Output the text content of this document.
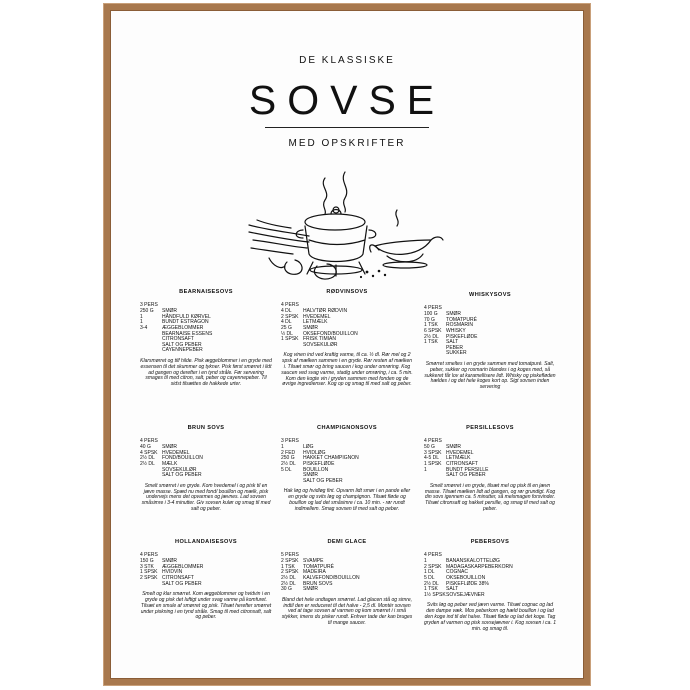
DE KLASSISKE
SOVSE
MED OPSKRIFTER
BEARNAISESOVS
3 PERS
250 G	SMØR
1	HÅNDFULD KØRVEL
1	BUNDT ESTRAGON
3-4	ÆGGEBLOMMER
BEARNAISE ESSENS
CITRONSAFT
SALT OG PEBER
CAYENNEPEBER
Klarsmørret og tilf hilde. Pisk æggeblommer i en gryde med essensen til det skummer og tykner. Pisk først smørret i lidt ad gangen og derefter i en tynd stråle. Før servering smages til med citron, salt, peber og cayennepeber. Til sidst tilsættes de hakkede urter.
RØDVINSOVS
4 PERS
4 DL	HALVTØR RØDVIN
2 SPSK HVEDEMEL
4 DL	LETMÆLK
25 G	SMØR
½ DL	OKSEFOND/BOUILLON
1 SPSK FRISK TIMIAN
SOVSEKULØR
Kog vinen ind ved kraftig varme, til ca. ½ dl. Rør mel og 2 spsk af mælken sammen i en gryde. Rør resten af mælken i. Tilsæt smør og bring saucen i kog under omrøring. Kog saucen ved svag varme, stadig under omrøring, i ca. 5 min. Kom den kogte vin i gryden sammen med fonden og de øvrige ingredienser. Kog op og smag til med salt og peber.
WHISKYSOVS
4 PERS
100 G	SMØR
70 G	TOMATPURÉ
1 TSK	ROSMARIN
6 SPSK WHISKY
2½ DL	PISKEFLØDE
1 TSK	SALT
PEBER
SUKKER
Smørret smeltes i en gryde sammen med tomatpuré. Salt, peber, sukker og rosmarin blandes i og koges med, så sukkeret får lov at karamellisere lidt. Whisky og piskefløden hældes i og det hele koges kort op. Sigt sovsen inden servering
BRUN SOVS
4 PERS
40 G	SMØR
4 SPSK HVEDEMEL
2½ DL	FOND/BOUILLON
2½ DL	MÆLK
SOVSEKULØR
SALT OG PEBER
Smelt smørret i en gryde. Kom hvedemel i og pisk til en jævn masse. Spæd nu med fond/ bouillon og mælk, pisk undervejs mens det opvarmes og jævnes. Lad sovsen småsimre i 3-4 minutter. Giv sovsen kulør og smag til med salt og peber.
CHAMPIGNONSOVS
3 PERS
1	LØG
2 FED	HVIDLØG
250 G	HAKKET CHAMPIGNON
2½ DL	PISKEFLØDE
5 DL	BOUILLON
SMØR
SALT OG PEBER
Hak løg og hvidløg fint. Opvarm lidt smør i en pande eller en gryde og svits løg og champignon. Tilsæt fløde og bouillon og lad det småsimre i ca. 10 min. - rør rundt indimellem. Smag sovsen til med salt og peber.
PERSILLESOVS
4 PERS
50 G	SMØR
3 SPSK HVEDEMEL
4-5 DL	LETMÆLK
1 SPSK CITRONSAFT
1	BUNDT PERSILLE
SALT OG PEBER
Smelt smørret i en gryde, tilsæt mel og pisk til en jævn masse. Tilsæt mælken lidt ad gangen, og rør grundigt. Kog din sovs igennem ca. 5 minutter, så melsmagen forsvinder. Tilsæt citronsaft og hakket persille, og smag til med salt og peber.
HOLLANDAISESOVS
4 PERS
150 G	SMØR
3 STK	ÆGGEBLOMMER
1 SPSK HVIDVIN
2 SPSK CITRONSAFT
SALT OG PEBER
Smelt og klar smørret. Kom æggeblommer og hvidvin i en gryde og pisk det luftigt under svag varme på komfuret. Tilsæt en smule af smørret og pisk. Tilsæt herefter smørret under piskning i en tynd stråle. Smag til med citronsaft, salt og peber.
DEMI GLACE
5 PERS
2 SPSK SVAMPE
1 TSK	TOMATPURÉ
2 SPSK MADEIRA
2½ DL	KALVEFOND/BOUILLON
2½ DL	BRUN SOVS
30 G	SMØR
Bland det hele undtagen smørret. Lad glacen stå og simre, indtil den er reduceret til det halve - 2,5 dl. Montér sovsen ved at tage sovsen af varmen og kom smørret i i små stykker, imens du pisker rundt. Enhver tade der kan bruges til mange saucer.
PEBERSOVS
4 PERS
1	BANANSKALOTTELØG
2 SPSK MADAGASKARPEBERKORN
1 DL	COGNAC
5 DL	OKSEBOUILLON
2½ DL	PISKEFLØDE 38%
1 TSK	SALT
1½ SPSK SOVSEJÆVNER
Svits løg og peber ved jævn varme. Tilsæt cognac og lad den dampe væk. Mos peberkorn og hæld bouillon i og lad den koge ind til det halve. Tilsæt fløde og lad det koge. Tag gryden af varmen og pisk sovsejævner i. Kog sovsen i ca. 1 min. og smag til.
